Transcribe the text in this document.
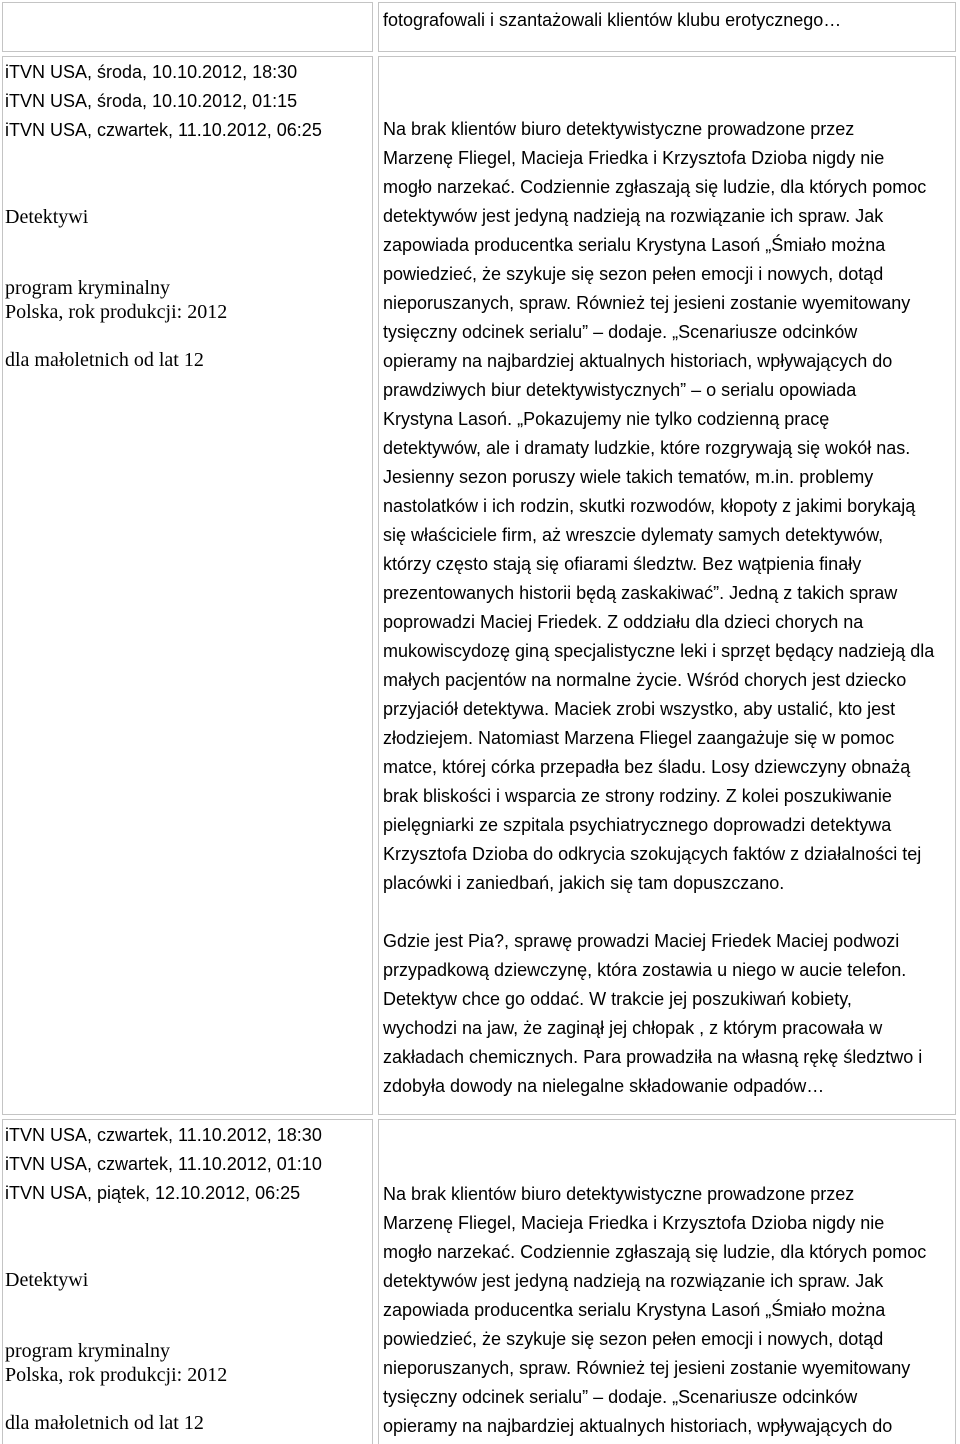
fotografowali i szantażowali klientów klubu erotycznego…
iTVN USA, środa, 10.10.2012, 18:30
iTVN USA, środa, 10.10.2012, 01:15
iTVN USA, czwartek, 11.10.2012, 06:25
Detektywi
program kryminalny
Polska, rok produkcji: 2012
dla małoletnich od lat 12
Na brak klientów biuro detektywistyczne prowadzone przez
Marzenę Fliegel, Macieja Friedka i Krzysztofa Dzioba nigdy nie
mogło narzekać. Codziennie zgłaszają się ludzie, dla których pomoc
detektywów jest jedyną nadzieją na rozwiązanie ich spraw. Jak
zapowiada producentka serialu Krystyna Lasoń „Śmiało można
powiedzieć, że szykuje się sezon pełen emocji i nowych, dotąd
nieporuszanych, spraw. Również tej jesieni zostanie wyemitowany
tysięczny odcinek serialu” – dodaje. „Scenariusze odcinków
opieramy na najbardziej aktualnych historiach, wpływających do
prawdziwych biur detektywistycznych” – o serialu opowiada
Krystyna Lasoń. „Pokazujemy nie tylko codzienną pracę
detektywów, ale i dramaty ludzkie, które rozgrywają się wokół nas.
Jesienny sezon poruszy wiele takich tematów, m.in. problemy
nastolatków i ich rodzin, skutki rozwodów, kłopoty z jakimi borykają
się właściciele firm, aż wreszcie dylematy samych detektywów,
którzy często stają się ofiarami śledztw. Bez wątpienia finały
prezentowanych historii będą zaskakiwać”. Jedną z takich spraw
poprowadzi Maciej Friedek. Z oddziału dla dzieci chorych na
mukowiscydozę giną specjalistyczne leki i sprzęt będący nadzieją dla
małych pacjentów na normalne życie. Wśród chorych jest dziecko
przyjaciół detektywa. Maciek zrobi wszystko, aby ustalić, kto jest
złodziejem. Natomiast Marzena Fliegel zaangażuje się w pomoc
matce, której córka przepadła bez śladu. Losy dziewczyny obnażą
brak bliskości i wsparcia ze strony rodziny. Z kolei poszukiwanie
pielęgniarki ze szpitala psychiatrycznego doprowadzi detektywa
Krzysztofa Dzioba do odkrycia szokujących faktów z działalności tej
placówki i zaniedbań, jakich się tam dopuszczano.
Gdzie jest Pia?, sprawę prowadzi Maciej Friedek Maciej podwozi
przypadkową dziewczynę, która zostawia u niego w aucie telefon.
Detektyw chce go oddać. W trakcie jej poszukiwań kobiety,
wychodzi na jaw, że zaginął jej chłopak , z którym pracowała w
zakładach chemicznych. Para prowadziła na własną rękę śledztwo i
zdobyła dowody na nielegalne składowanie odpadów…
iTVN USA, czwartek, 11.10.2012, 18:30
iTVN USA, czwartek, 11.10.2012, 01:10
iTVN USA, piątek, 12.10.2012, 06:25
Detektywi
program kryminalny
Polska, rok produkcji: 2012
dla małoletnich od lat 12
Na brak klientów biuro detektywistyczne prowadzone przez
Marzenę Fliegel, Macieja Friedka i Krzysztofa Dzioba nigdy nie
mogło narzekać. Codziennie zgłaszają się ludzie, dla których pomoc
detektywów jest jedyną nadzieją na rozwiązanie ich spraw. Jak
zapowiada producentka serialu Krystyna Lasoń „Śmiało można
powiedzieć, że szykuje się sezon pełen emocji i nowych, dotąd
nieporuszanych, spraw. Również tej jesieni zostanie wyemitowany
tysięczny odcinek serialu” – dodaje. „Scenariusze odcinków
opieramy na najbardziej aktualnych historiach, wpływających do
